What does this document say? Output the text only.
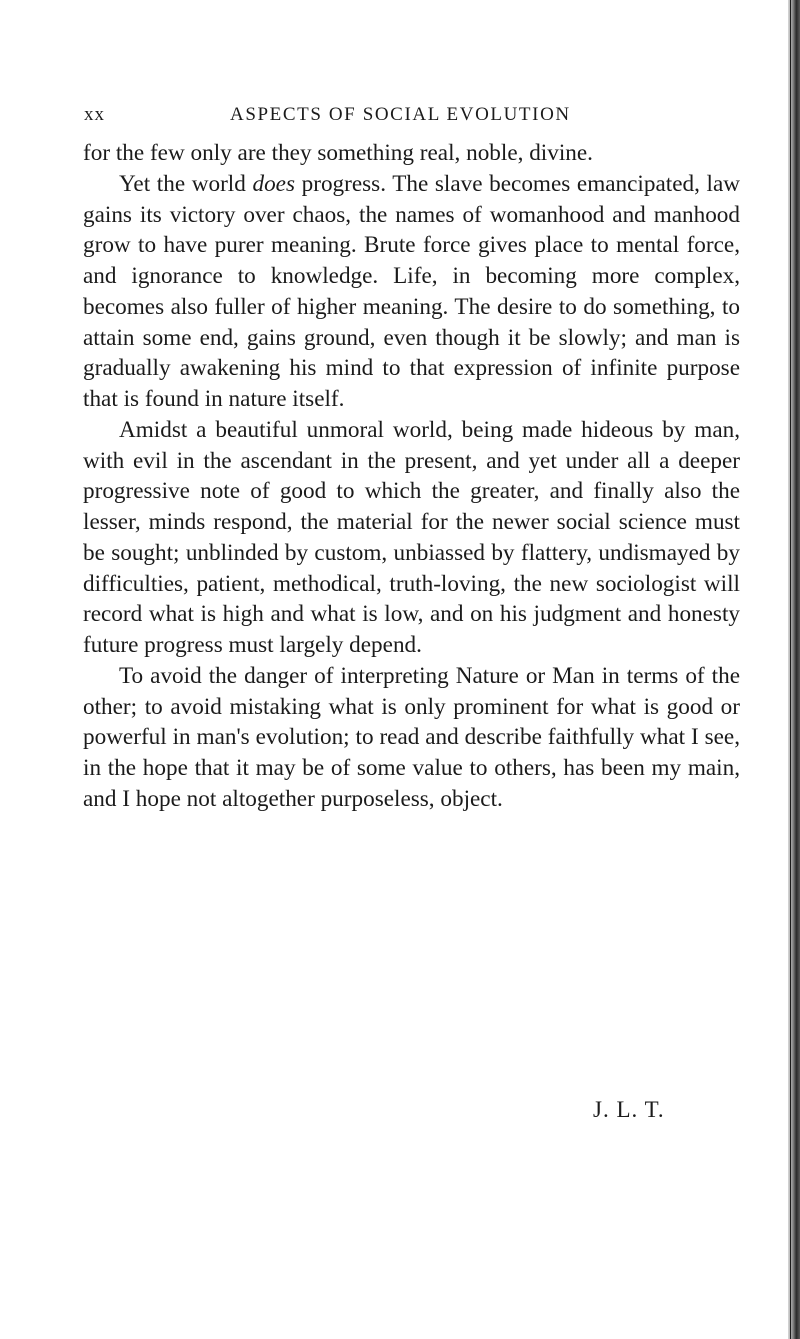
xx	ASPECTS OF SOCIAL EVOLUTION

for the few only are they something real, noble, divine.

Yet the world does progress. The slave becomes emancipated, law gains its victory over chaos, the names of womanhood and manhood grow to have purer meaning. Brute force gives place to mental force, and ignorance to knowledge. Life, in becoming more complex, becomes also fuller of higher meaning. The desire to do something, to attain some end, gains ground, even though it be slowly; and man is gradually awakening his mind to that expression of infinite purpose that is found in nature itself.

Amidst a beautiful unmoral world, being made hideous by man, with evil in the ascendant in the present, and yet under all a deeper progressive note of good to which the greater, and finally also the lesser, minds respond, the material for the newer social science must be sought; unblinded by custom, unbiassed by flattery, undismayed by difficulties, patient, methodical, truth-loving, the new sociologist will record what is high and what is low, and on his judgment and honesty future progress must largely depend.

To avoid the danger of interpreting Nature or Man in terms of the other; to avoid mistaking what is only prominent for what is good or powerful in man's evolution; to read and describe faithfully what I see, in the hope that it may be of some value to others, has been my main, and I hope not altogether purposeless, object.

J. L. T.
